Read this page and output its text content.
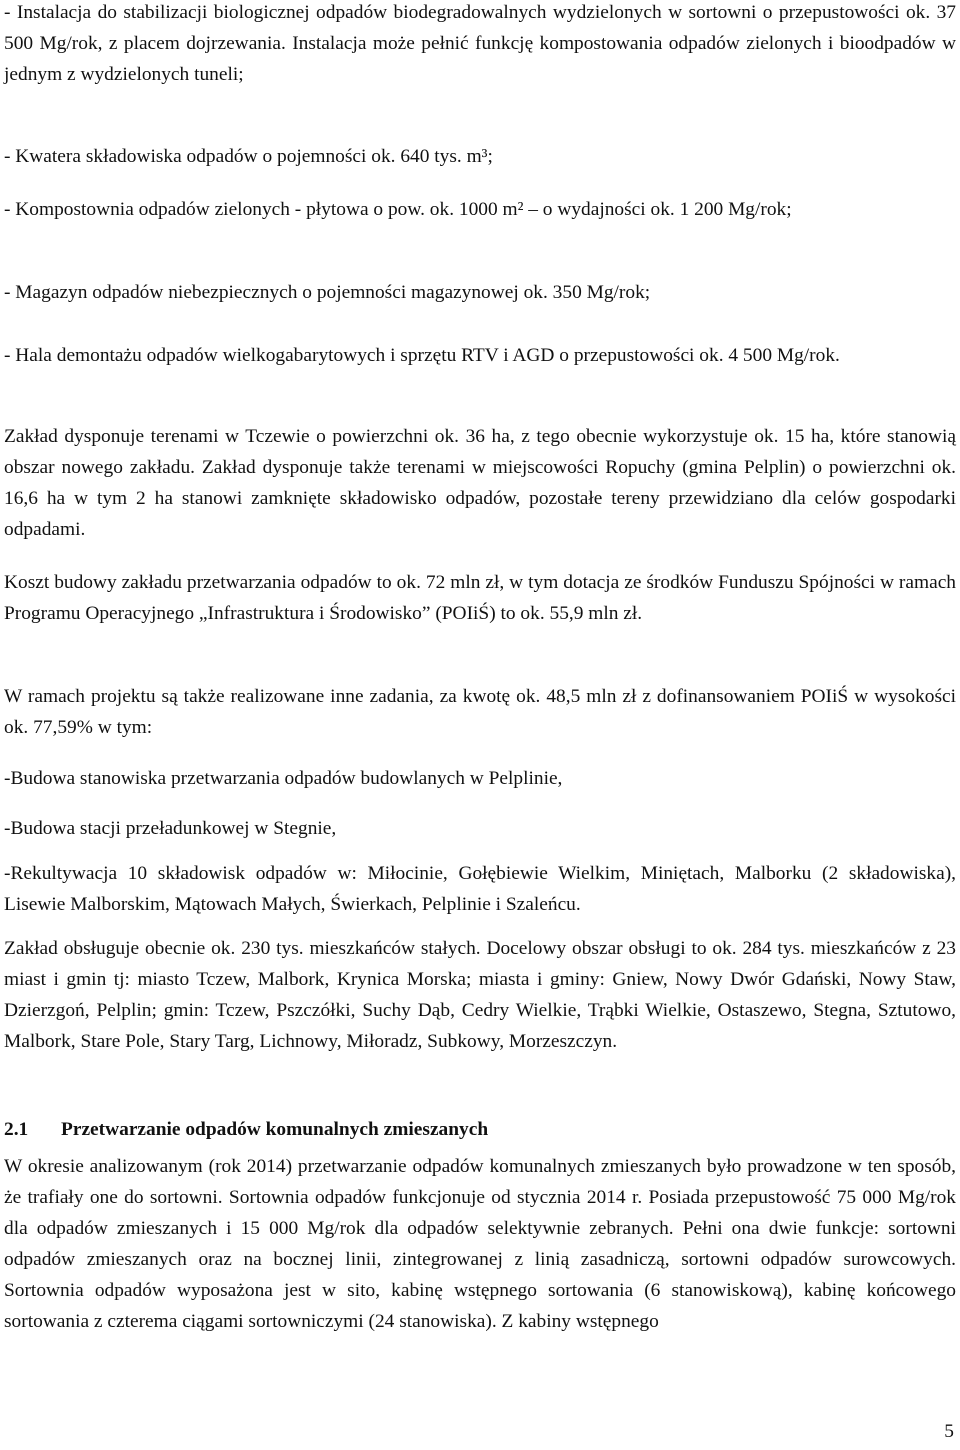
- Instalacja do stabilizacji biologicznej odpadów biodegradowalnych wydzielonych w sortowni o przepustowości ok. 37 500 Mg/rok, z placem dojrzewania. Instalacja może pełnić funkcję kompostowania odpadów zielonych i bioodpadów w jednym z wydzielonych tuneli;

- Kwatera składowiska odpadów o pojemności ok. 640 tys. m³;

- Kompostownia odpadów zielonych - płytowa o pow. ok. 1000 m² – o wydajności ok. 1 200 Mg/rok;

- Magazyn odpadów niebezpiecznych o pojemności magazynowej ok. 350 Mg/rok;

- Hala demontażu odpadów wielkogabarytowych i sprzętu RTV i AGD o przepustowości ok. 4 500 Mg/rok.

Zakład dysponuje terenami w Tczewie o powierzchni ok. 36 ha, z tego obecnie wykorzystuje ok. 15 ha, które stanowią obszar nowego zakładu. Zakład dysponuje także terenami w miejscowości Ropuchy (gmina Pelplin) o powierzchni ok. 16,6 ha w tym 2 ha stanowi zamknięte składowisko odpadów, pozostałe tereny przewidziano dla celów gospodarki odpadami.

Koszt budowy zakładu przetwarzania odpadów to ok. 72 mln zł, w tym dotacja ze środków Funduszu Spójności w ramach Programu Operacyjnego „Infrastruktura i Środowisko” (POIiŚ) to ok. 55,9 mln zł.

W ramach projektu są także realizowane inne zadania, za kwotę ok. 48,5 mln zł z dofinansowaniem POIiŚ w wysokości ok. 77,59% w tym:

-Budowa stanowiska przetwarzania odpadów budowlanych w Pelplinie,

-Budowa stacji przeładunkowej w Stegnie,

-Rekultywacja 10 składowisk odpadów w: Miłocinie, Gołębiewie Wielkim, Miniętach, Malborku (2 składowiska), Lisewie Malborskim, Mątowach Małych, Świerkach, Pelplinie i Szaleńcu.

Zakład obsługuje obecnie ok. 230 tys. mieszkańców stałych. Docelowy obszar obsługi to ok. 284 tys. mieszkańców z 23 miast i gmin tj: miasto Tczew, Malbork, Krynica Morska; miasta i gminy: Gniew, Nowy Dwór Gdański, Nowy Staw, Dzierzgoń, Pelplin; gmin: Tczew, Pszczółki, Suchy Dąb, Cedry Wielkie, Trąbki Wielkie, Ostaszewo, Stegna, Sztutowo, Malbork, Stare Pole, Stary Targ, Lichnowy, Miłoradz, Subkowy, Morzeszczyn.

2.1 Przetwarzanie odpadów komunalnych zmieszanych

W okresie analizowanym (rok 2014) przetwarzanie odpadów komunalnych zmieszanych było prowadzone w ten sposób, że trafiały one do sortowni. Sortownia odpadów funkcjonuje od stycznia 2014 r. Posiada przepustowość 75 000 Mg/rok dla odpadów zmieszanych i 15 000 Mg/rok dla odpadów selektywnie zebranych. Pełni ona dwie funkcje: sortowni odpadów zmieszanych oraz na bocznej linii, zintegrowanej z linią zasadniczą, sortowni odpadów surowcowych. Sortownia odpadów wyposażona jest w sito, kabinę wstępnego sortowania (6 stanowiskową), kabinę końcowego sortowania z czterema ciągami sortowniczymi (24 stanowiska). Z kabiny wstępnego

5
